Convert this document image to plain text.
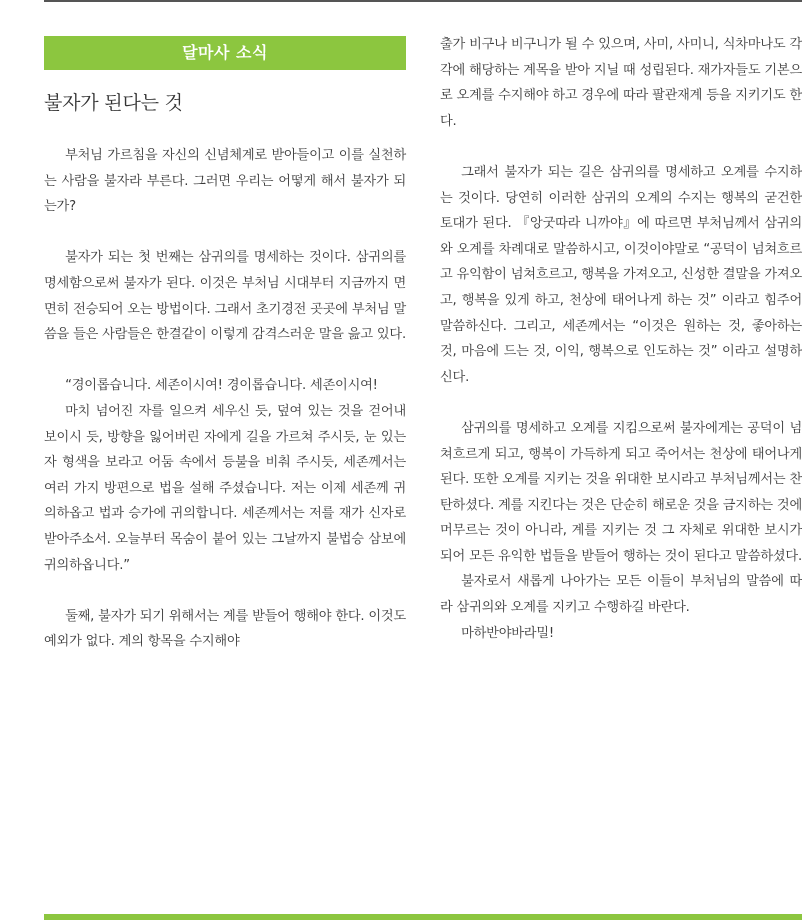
달마사 소식
불자가 된다는 것

부처님 가르침을 자신의 신념체계로 받아들이고 이를 실천하는 사람을 불자라 부른다. 그러면 우리는 어떻게 해서 불자가 되는가?

불자가 되는 첫 번째는 삼귀의를 명세하는 것이다. 삼귀의를 명세함으로써 불자가 된다. 이것은 부처님 시대부터 지금까지 면면히 전승되어 오는 방법이다. 그래서 초기경전 곳곳에 부처님 말씀을 들은 사람들은 한결같이 이렇게 감격스러운 말을 읊고 있다.

“경이롭습니다. 세존이시여! 경이롭습니다. 세존이시여!

마치 넘어진 자를 일으켜 세우신 듯, 덮여 있는 것을 걷어내 보이시 듯, 방향을 잃어버린 자에게 길을 가르쳐 주시듯, 눈 있는 자 형색을 보라고 어둠 속에서 등불을 비춰 주시듯, 세존께서는 여러 가지 방편으로 법을 설해 주셨습니다. 저는 이제 세존께 귀의하옵고 법과 승가에 귀의합니다. 세존께서는 저를 재가 신자로 받아주소서. 오늘부터 목숨이 붙어 있는 그날까지 불법승 삼보에 귀의하옵니다.”

둘째, 불자가 되기 위해서는 계를 받들어 행해야 한다. 이것도 예외가 없다. 계의 항목을 수지해야

출가 비구나 비구니가 될 수 있으며, 사미, 사미니, 식차마나도 각각에 해당하는 계목을 받아 지닐 때 성립된다. 재가자들도 기본으로 오계를 수지해야 하고 경우에 따라 팔관재계 등을 지키기도 한다.

그래서 불자가 되는 길은 삼귀의를 명세하고 오계를 수지하는 것이다. 당연히 이러한 삼귀의 오계의 수지는 행복의 굳건한 토대가 된다. 『앙굿따라 니까야』에 따르면 부처님께서 삼귀의와 오계를 차례대로 말씀하시고, 이것이야말로 “공덕이 넘쳐흐르고 유익함이 넘쳐흐르고, 행복을 가져오고, 신성한 결말을 가져오고, 행복을 있게 하고, 천상에 태어나게 하는 것” 이라고 힘주어 말씀하신다. 그리고, 세존께서는 “이것은 원하는 것, 좋아하는 것, 마음에 드는 것, 이익, 행복으로 인도하는 것” 이라고 설명하신다.

삼귀의를 명세하고 오계를 지킴으로써 불자에게는 공덕이 넘쳐흐르게 되고, 행복이 가득하게 되고 죽어서는 천상에 태어나게 된다. 또한 오계를 지키는 것을 위대한 보시라고 부처님께서는 찬탄하셨다. 계를 지킨다는 것은 단순히 해로운 것을 금지하는 것에 머무르는 것이 아니라, 계를 지키는 것 그 자체로 위대한 보시가 되어 모든 유익한 법들을 받들어 행하는 것이 된다고 말씀하셨다.

불자로서 새롭게 나아가는 모든 이들이 부처님의 말씀에 따라 삼귀의와 오계를 지키고 수행하길 바란다.

마하반야바라밀!
